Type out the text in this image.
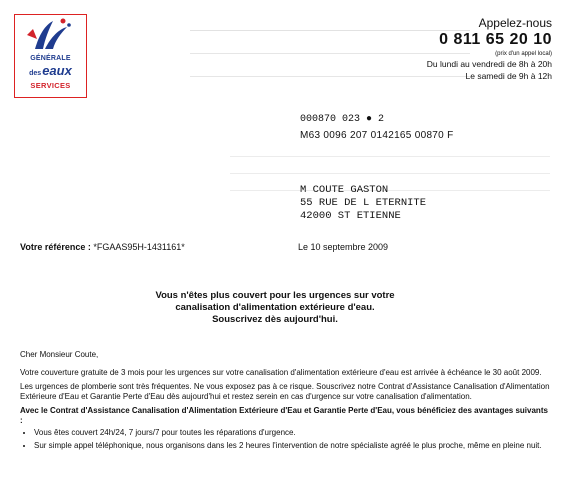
GÉNÉRALE
deseaux
SERVICES
Appelez-nous
0 811 65 20 10
(prix d'un appel local)
Du lundi au vendredi de 8h à 20h
Le samedi de 9h à 12h
000870 023 ● 2
M63 0096 207 0142165 00870 F
M COUTE GASTON
55 RUE DE L ETERNITE
42000 ST ETIENNE
Votre référence : *FGAAS95H-1431161*	Le 10 septembre 2009
Vous n'êtes plus couvert pour les urgences sur votre canalisation d'alimentation extérieure d'eau. Souscrivez dès aujourd'hui.

Cher Monsieur Coute,

Votre couverture gratuite de 3 mois pour les urgences sur votre canalisation d'alimentation extérieure d'eau est arrivée à échéance le 30 août 2009.

Les urgences de plomberie sont très fréquentes. Ne vous exposez pas à ce risque. Souscrivez notre Contrat d'Assistance Canalisation d'Alimentation Extérieure d'Eau et Garantie Perte d'Eau dès aujourd'hui et restez serein en cas d'urgence sur votre canalisation d'alimentation.

Avec le Contrat d'Assistance Canalisation d'Alimentation Extérieure d'Eau et Garantie Perte d'Eau, vous bénéficiez des avantages suivants :

• Vous êtes couvert 24h/24, 7 jours/7 pour toutes les réparations d'urgence.
• Sur simple appel téléphonique, nous organisons dans les 2 heures l'intervention de notre spécialiste agréé le plus proche, même en pleine nuit.
